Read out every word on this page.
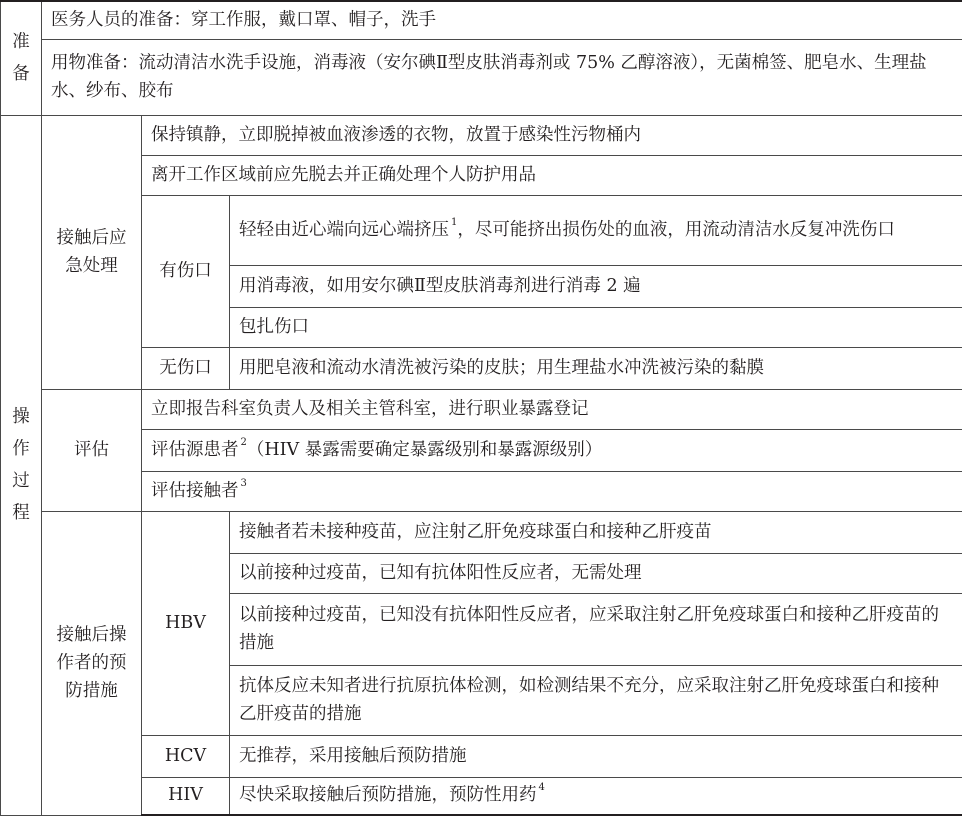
准备	医务人员的准备：穿工作服，戴口罩、帽子，洗手		
	用物准备：流动清洁水洗手设施，消毒液（安尔碘Ⅱ型皮肤消毒剂或 75% 乙醇溶液），无菌棉签、肥皂水、生理盐水、纱布、胶布		
操作过程	接触后应急处理	保持镇静，立即脱掉被血液渗透的衣物，放置于感染性污物桶内	
		离开工作区域前应先脱去并正确处理个人防护用品	
		有伤口	轻轻由近心端向远心端挤压 $^1$，尽可能挤出损伤处的血液，用流动清洁水反复冲洗伤口
			用消毒液，如用安尔碘Ⅱ型皮肤消毒剂进行消毒 2 遍
			包扎伤口
		无伤口	用肥皂液和流动水清洗被污染的皮肤；用生理盐水冲洗被污染的黏膜
	评估	立即报告科室负责人及相关主管科室，进行职业暴露登记	
		评估源患者 $^2$（HIV 暴露需要确定暴露级别和暴露源级别）	
		评估接触者 $^3$
	接触后操作者的预防措施	HBV	接触者若未接种疫苗，应注射乙肝免疫球蛋白和接种乙肝疫苗
			以前接种过疫苗，已知有抗体阳性反应者，无需处理
			以前接种过疫苗，已知没有抗体阳性反应者，应采取注射乙肝免疫球蛋白和接种乙肝疫苗的措施
			抗体反应未知者进行抗原抗体检测，如检测结果不充分，应采取注射乙肝免疫球蛋白和接种乙肝疫苗的措施
		HCV	无推荐，采用接触后预防措施
		HIV	尽快采取接触后预防措施，预防性用药 $^4$
